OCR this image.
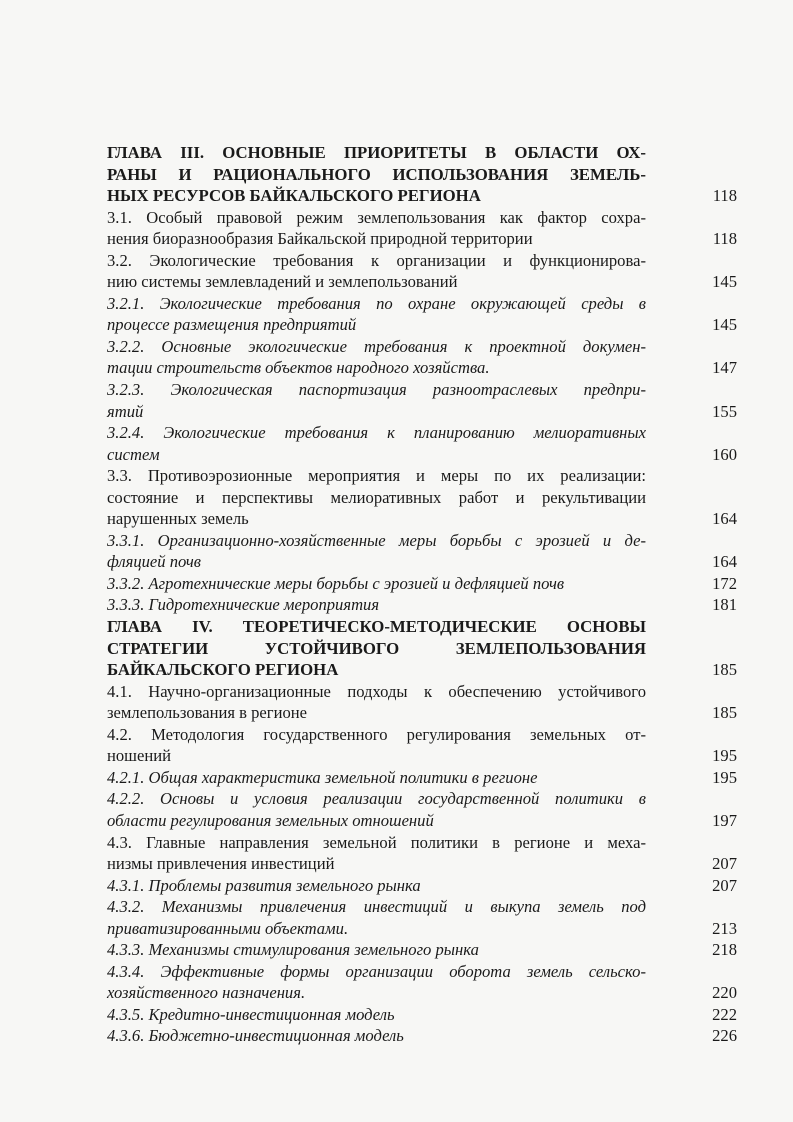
ГЛАВА III. ОСНОВНЫЕ ПРИОРИТЕТЫ В ОБЛАСТИ ОХ-
РАНЫ И РАЦИОНАЛЬНОГО ИСПОЛЬЗОВАНИЯ ЗЕМЕЛЬ-
НЫХ РЕСУРСОВ БАЙКАЛЬСКОГО РЕГИОНА	118
3.1. Особый правовой режим землепользования как фактор сохра-
нения биоразнообразия Байкальской природной территории	118
3.2. Экологические требования к организации и функционирова-
нию системы землевладений и землепользований	145
3.2.1. Экологические требования по охране окружающей среды в
процессе размещения предприятий	145
3.2.2. Основные экологические требования к проектной докумен-
тации строительств объектов народного хозяйства.	147
3.2.3. Экологическая паспортизация разноотраслевых предпри-
ятий	155
3.2.4. Экологические требования к планированию мелиоративных
систем	160
3.3. Противоэрозионные мероприятия и меры по их реализации:
состояние и перспективы мелиоративных работ и рекультивации
нарушенных земель	164
3.3.1. Организационно-хозяйственные меры борьбы с эрозией и де-
фляцией почв	164
3.3.2. Агротехнические меры борьбы с эрозией и дефляцией почв	172
3.3.3. Гидротехнические мероприятия	181
ГЛАВА IV. ТЕОРЕТИЧЕСКО-МЕТОДИЧЕСКИЕ ОСНОВЫ
СТРАТЕГИИ УСТОЙЧИВОГО ЗЕМЛЕПОЛЬЗОВАНИЯ
БАЙКАЛЬСКОГО РЕГИОНА	185
4.1. Научно-организационные подходы к обеспечению устойчивого
землепользования в регионе	185
4.2. Методология государственного регулирования земельных от-
ношений	195
4.2.1. Общая характеристика земельной политики в регионе	195
4.2.2. Основы и условия реализации государственной политики в
области регулирования земельных отношений	197
4.3. Главные направления земельной политики в регионе и меха-
низмы привлечения инвестиций	207
4.3.1. Проблемы развития земельного рынка	207
4.3.2. Механизмы привлечения инвестиций и выкупа земель под
приватизированными объектами.	213
4.3.3. Механизмы стимулирования земельного рынка	218
4.3.4. Эффективные формы организации оборота земель сельско-
хозяйственного назначения.	220
4.3.5. Кредитно-инвестиционная модель	222
4.3.6. Бюджетно-инвестиционная модель	226
